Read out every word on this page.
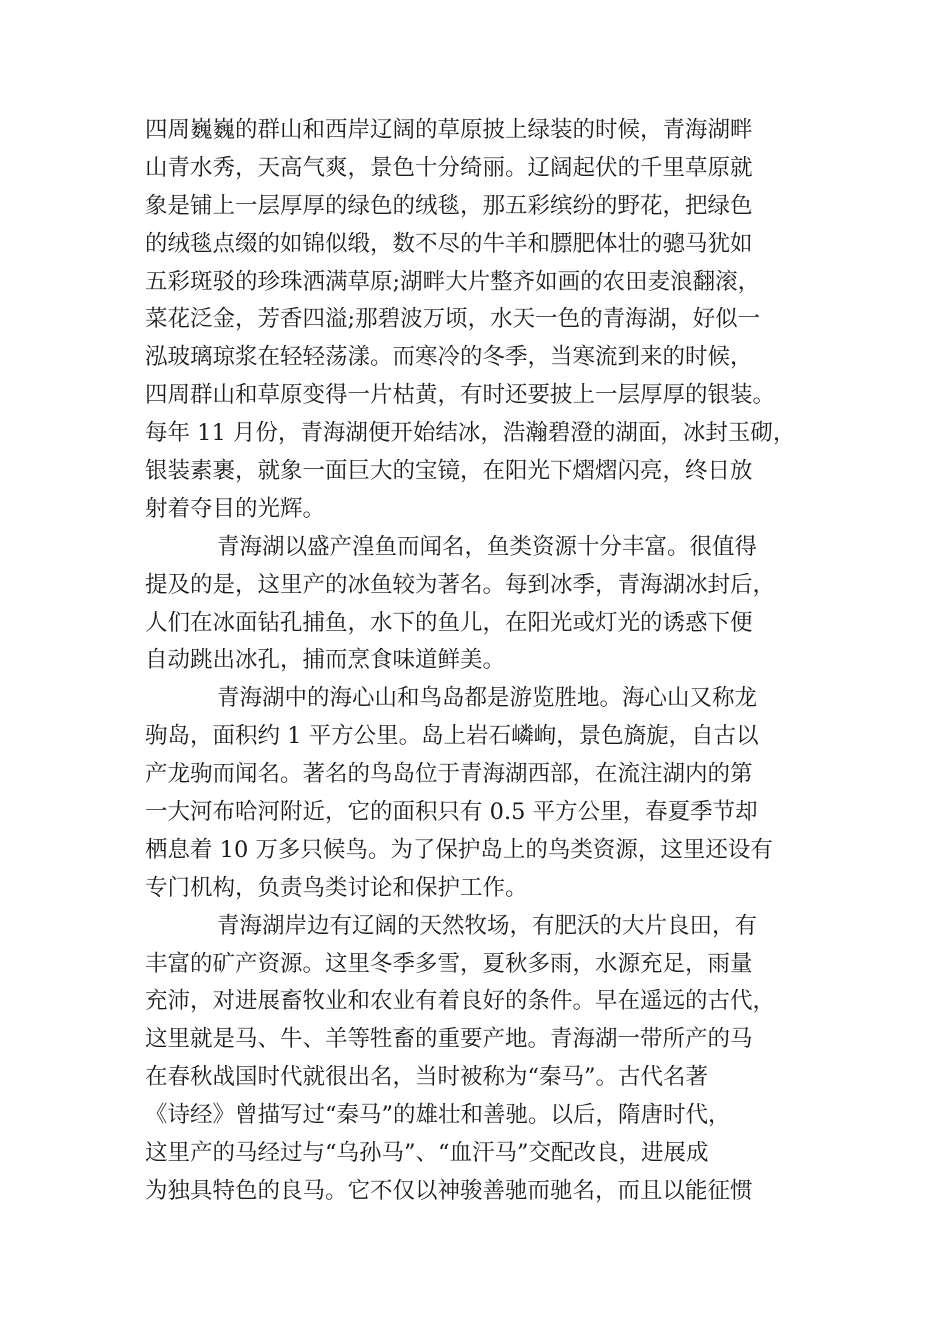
四周巍巍的群山和西岸辽阔的草原披上绿装的时候，青海湖畔
山青水秀，天高气爽，景色十分绮丽。辽阔起伏的千里草原就
象是铺上一层厚厚的绿色的绒毯，那五彩缤纷的野花，把绿色
的绒毯点缀的如锦似缎，数不尽的牛羊和膘肥体壮的骢马犹如
五彩斑驳的珍珠洒满草原;湖畔大片整齐如画的农田麦浪翻滚，
菜花泛金，芳香四溢;那碧波万顷，水天一色的青海湖，好似一
泓玻璃琼浆在轻轻荡漾。而寒冷的冬季，当寒流到来的时候，
四周群山和草原变得一片枯黄，有时还要披上一层厚厚的银装。
每年 11 月份，青海湖便开始结冰，浩瀚碧澄的湖面，冰封玉砌，
银装素裹，就象一面巨大的宝镜，在阳光下熠熠闪亮，终日放
射着夺目的光辉。
青海湖以盛产湟鱼而闻名，鱼类资源十分丰富。很值得
提及的是，这里产的冰鱼较为著名。每到冰季，青海湖冰封后，
人们在冰面钻孔捕鱼，水下的鱼儿，在阳光或灯光的诱惑下便
自动跳出冰孔，捕而烹食味道鲜美。
青海湖中的海心山和鸟岛都是游览胜地。海心山又称龙
驹岛，面积约 1 平方公里。岛上岩石嶙峋，景色旖旎，自古以
产龙驹而闻名。著名的鸟岛位于青海湖西部，在流注湖内的第
一大河布哈河附近，它的面积只有 0.5 平方公里，春夏季节却
栖息着 10 万多只候鸟。为了保护岛上的鸟类资源，这里还设有
专门机构，负责鸟类讨论和保护工作。
青海湖岸边有辽阔的天然牧场，有肥沃的大片良田，有
丰富的矿产资源。这里冬季多雪，夏秋多雨，水源充足，雨量
充沛，对进展畜牧业和农业有着良好的条件。早在遥远的古代，
这里就是马、牛、羊等牲畜的重要产地。青海湖一带所产的马
在春秋战国时代就很出名，当时被称为“秦马”。古代名著
《诗经》曾描写过“秦马”的雄壮和善驰。以后，隋唐时代，
这里产的马经过与“乌孙马”、“血汗马”交配改良，进展成
为独具特色的良马。它不仅以神骏善驰而驰名，而且以能征惯
